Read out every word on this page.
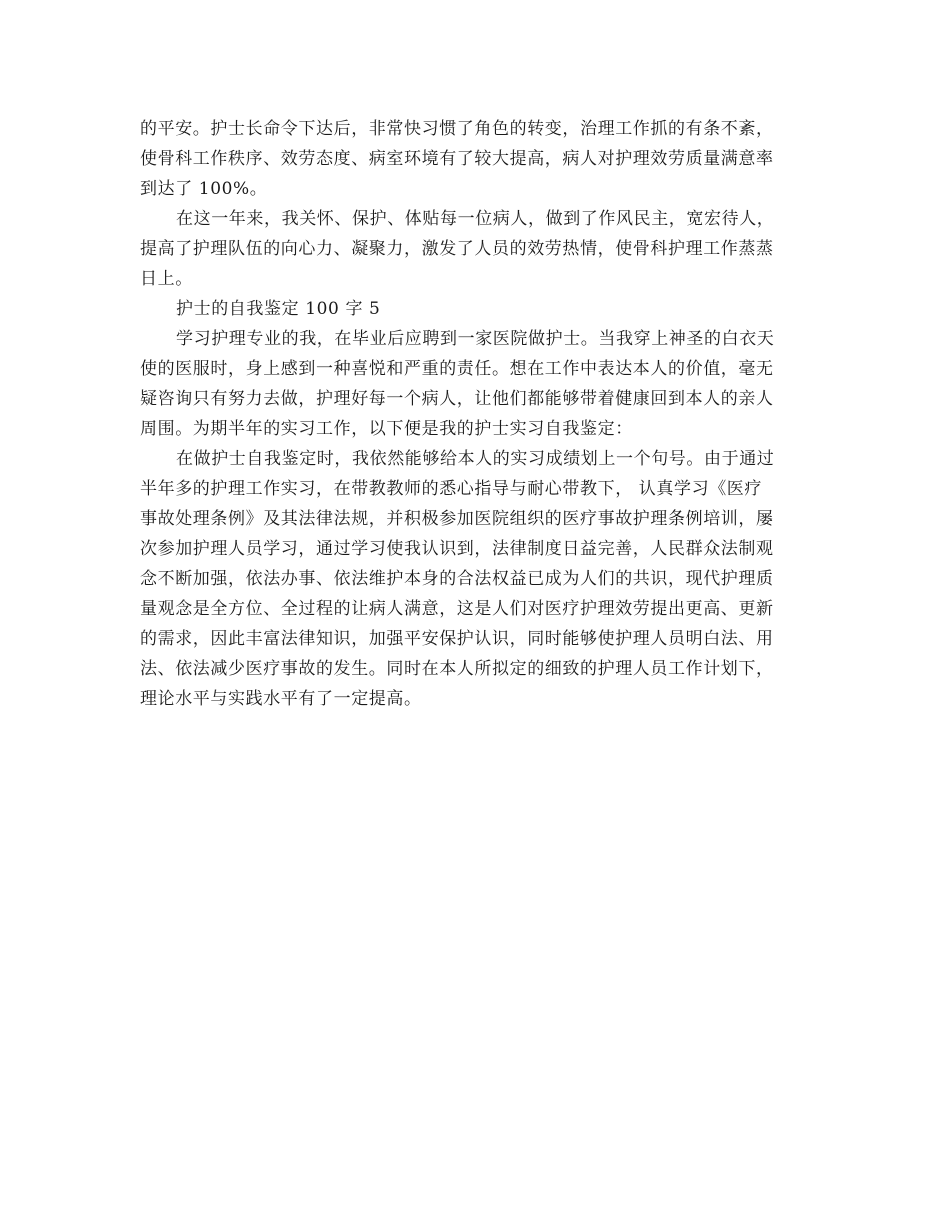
的平安。护士长命令下达后，非常快习惯了角色的转变，治理工作抓的有条不紊，

使骨科工作秩序、效劳态度、病室环境有了较大提高，病人对护理效劳质量满意率

到达了 100%。

在这一年来，我关怀、保护、体贴每一位病人，做到了作风民主，宽宏待人，

提高了护理队伍的向心力、凝聚力，激发了人员的效劳热情，使骨科护理工作蒸蒸

日上。

护士的自我鉴定 100 字 5

学习护理专业的我，在毕业后应聘到一家医院做护士。当我穿上神圣的白衣天

使的医服时，身上感到一种喜悦和严重的责任。想在工作中表达本人的价值，毫无

疑咨询只有努力去做，护理好每一个病人，让他们都能够带着健康回到本人的亲人

周围。为期半年的实习工作，以下便是我的护士实习自我鉴定：

在做护士自我鉴定时，我依然能够给本人的实习成绩划上一个句号。由于通过

半年多的护理工作实习，在带教教师的悉心指导与耐心带教下， 认真学习《医疗

事故处理条例》及其法律法规，并积极参加医院组织的医疗事故护理条例培训，屡

次参加护理人员学习，通过学习使我认识到，法律制度日益完善，人民群众法制观

念不断加强，依法办事、依法维护本身的合法权益已成为人们的共识，现代护理质

量观念是全方位、全过程的让病人满意，这是人们对医疗护理效劳提出更高、更新

的需求，因此丰富法律知识，加强平安保护认识，同时能够使护理人员明白法、用

法、依法减少医疗事故的发生。同时在本人所拟定的细致的护理人员工作计划下，

理论水平与实践水平有了一定提高。
